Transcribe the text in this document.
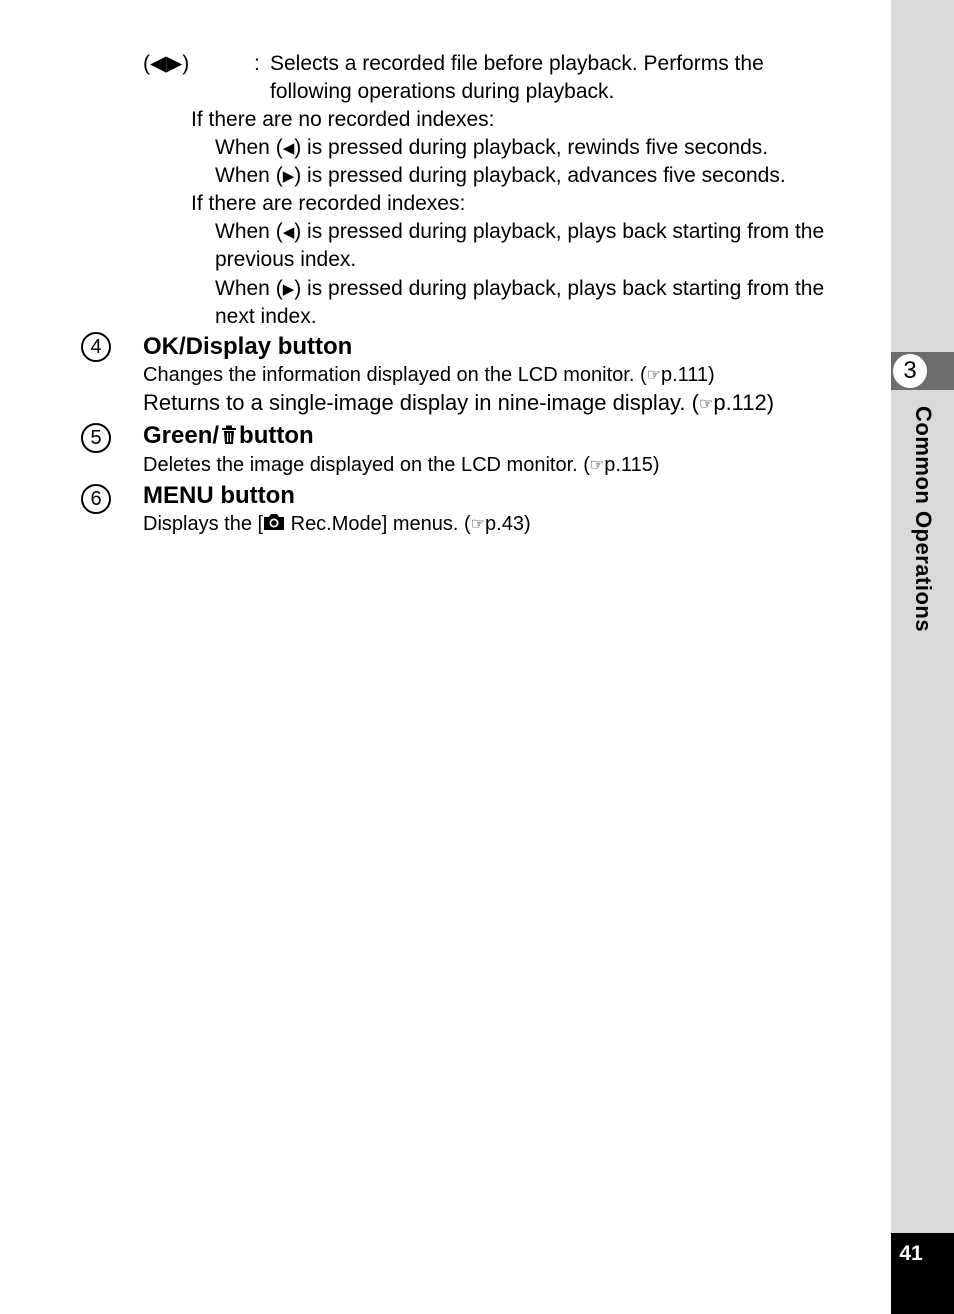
3
Common Operations
41
(◀▶)	: Selects a recorded file before playback. Performs the
following operations during playback.
If there are no recorded indexes:
When (◀) is pressed during playback, rewinds five seconds.
When (▶) is pressed during playback, advances five seconds.
If there are recorded indexes:
When (◀) is pressed during playback, plays back starting from the
previous index.
When (▶) is pressed during playback, plays back starting from the
next index.
4	OK/Display button
Changes the information displayed on the LCD monitor. (☞p.111)
Returns to a single-image display in nine-image display. (☞p.112)
5	Green/ button
Deletes the image displayed on the LCD monitor. (☞p.115)
6	MENU button
Displays the [ Rec.Mode] menus. (☞p.43)
